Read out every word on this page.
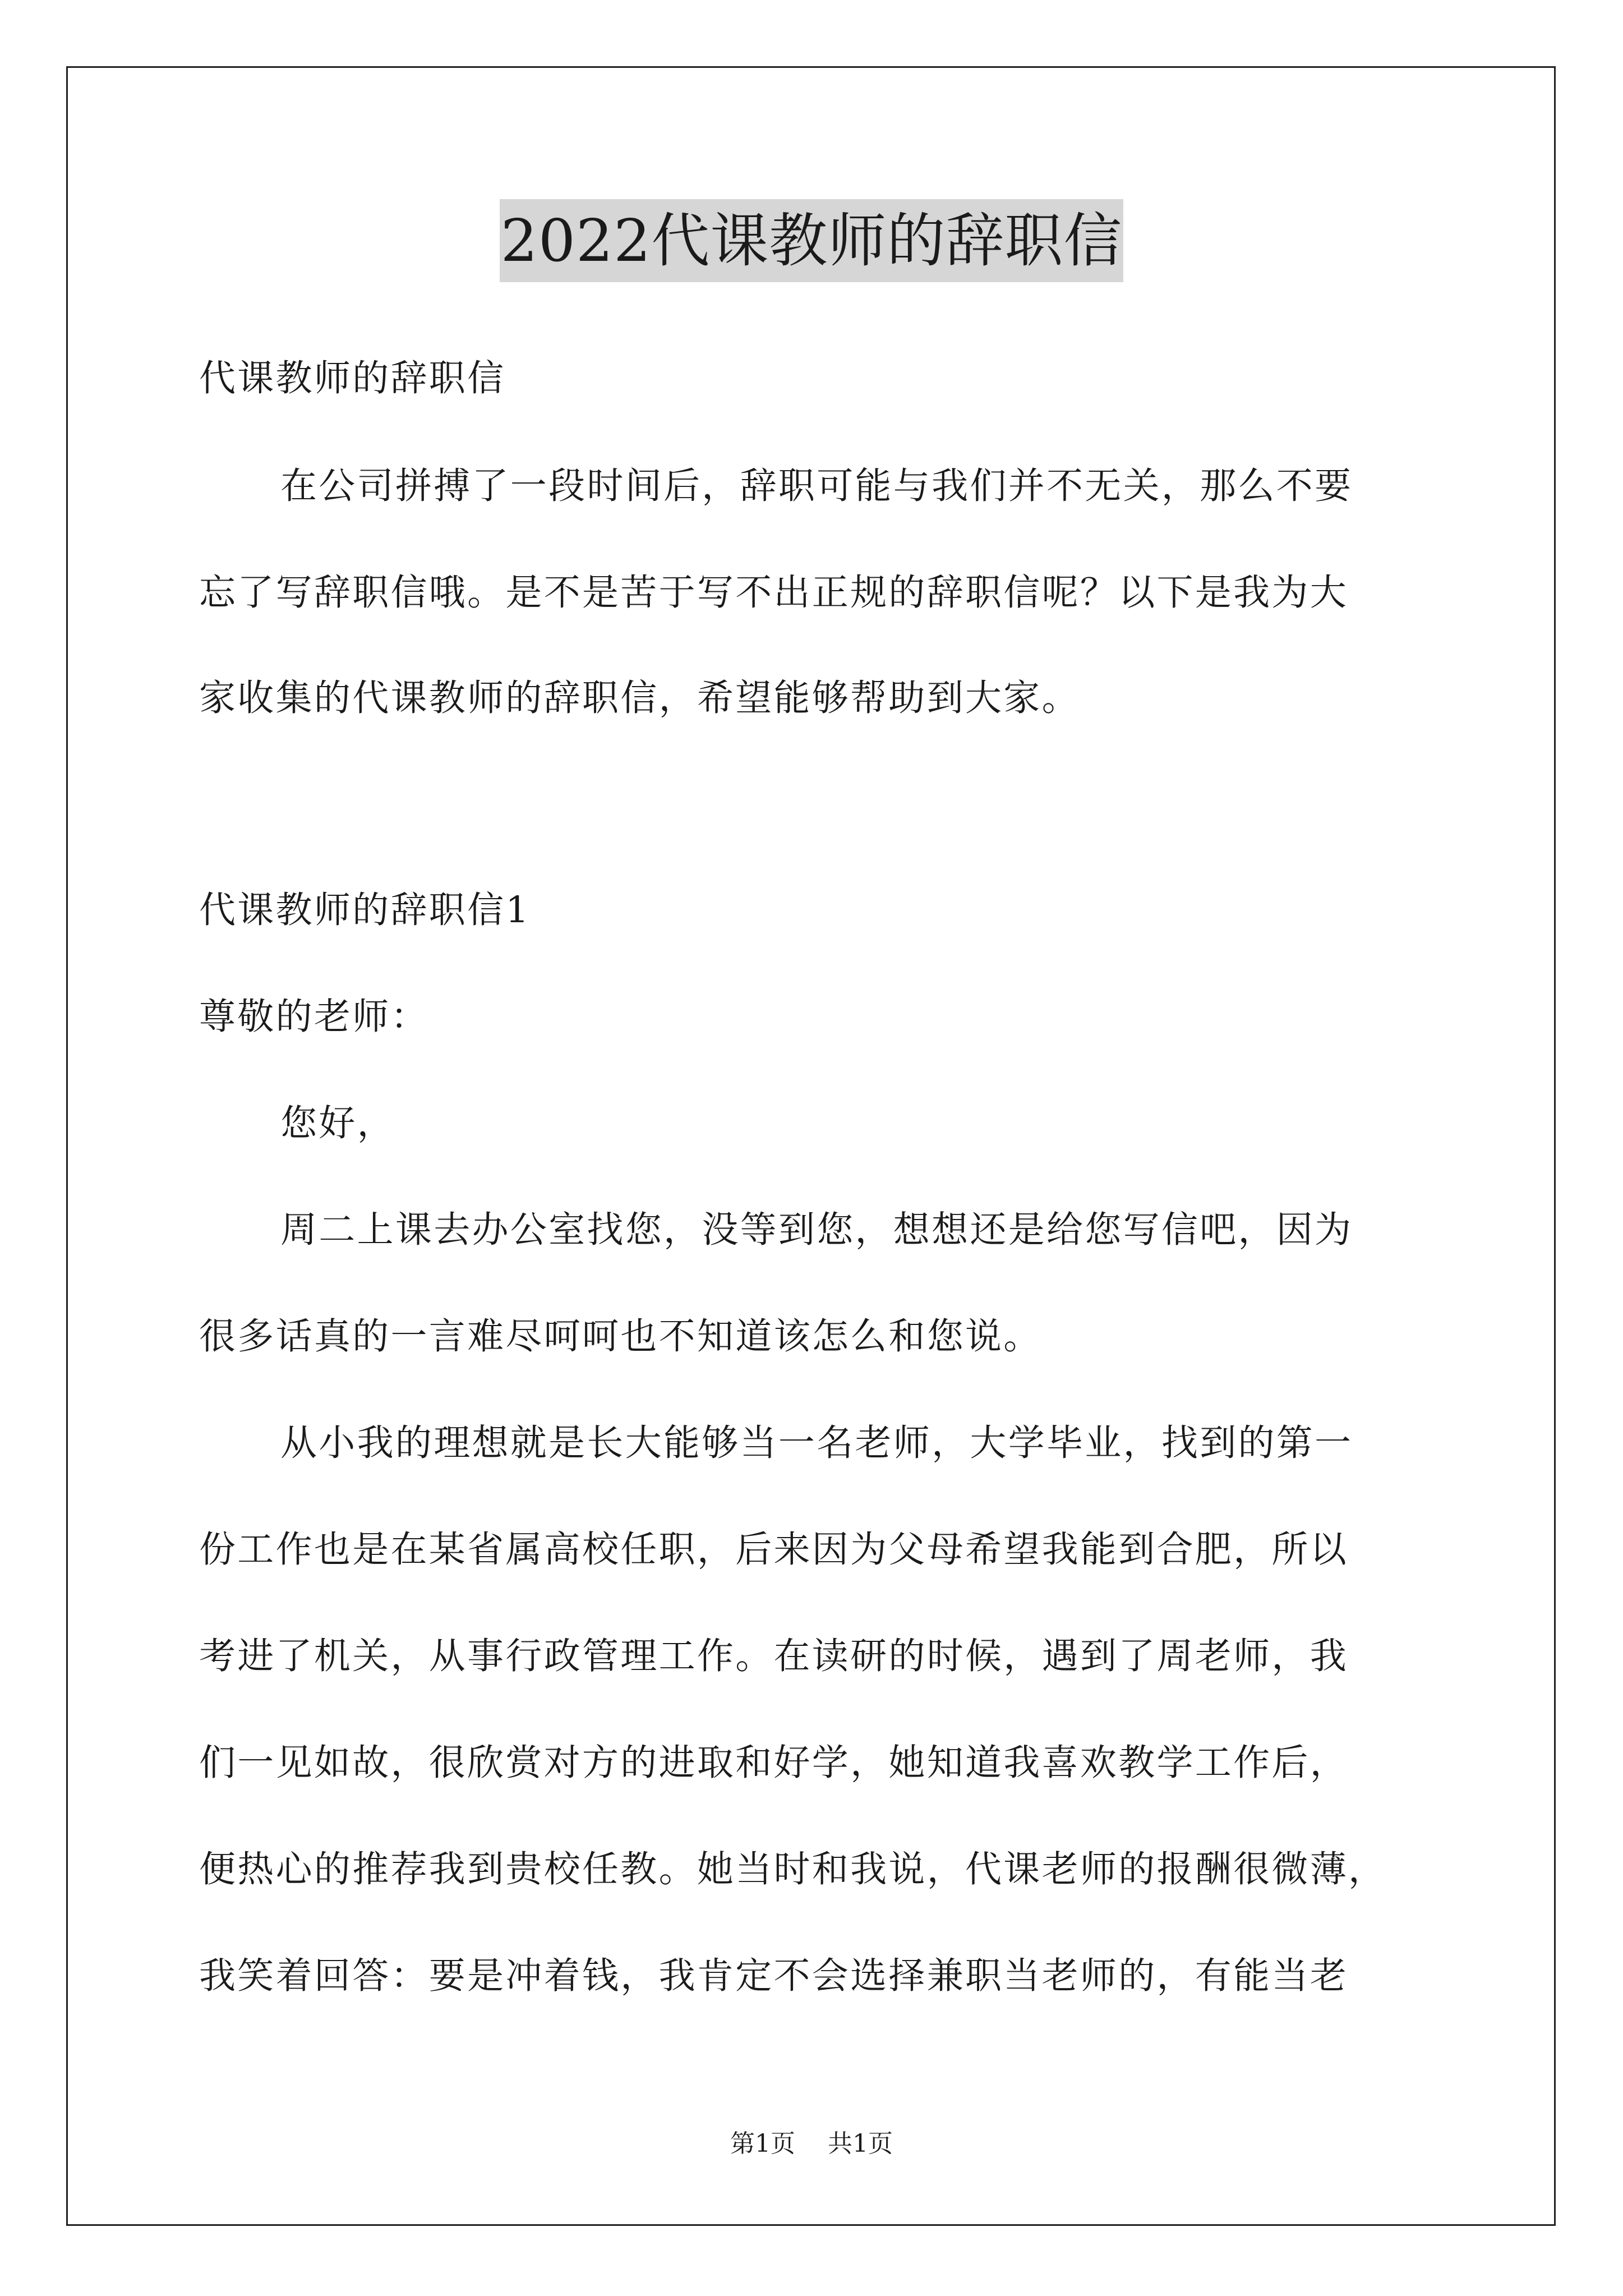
2022代课教师的辞职信
代课教师的辞职信
在公司拼搏了一段时间后，辞职可能与我们并不无关，那么不要
忘了写辞职信哦。是不是苦于写不出正规的辞职信呢？以下是我为大
家收集的代课教师的辞职信，希望能够帮助到大家。
代课教师的辞职信1
尊敬的老师：
您好，
周二上课去办公室找您，没等到您，想想还是给您写信吧，因为
很多话真的一言难尽呵呵也不知道该怎么和您说。
从小我的理想就是长大能够当一名老师，大学毕业，找到的第一
份工作也是在某省属高校任职，后来因为父母希望我能到合肥，所以
考进了机关，从事行政管理工作。在读研的时候，遇到了周老师，我
们一见如故，很欣赏对方的进取和好学，她知道我喜欢教学工作后，
便热心的推荐我到贵校任教。她当时和我说，代课老师的报酬很微薄，
我笑着回答：要是冲着钱，我肯定不会选择兼职当老师的，有能当老
第1页 共1页
